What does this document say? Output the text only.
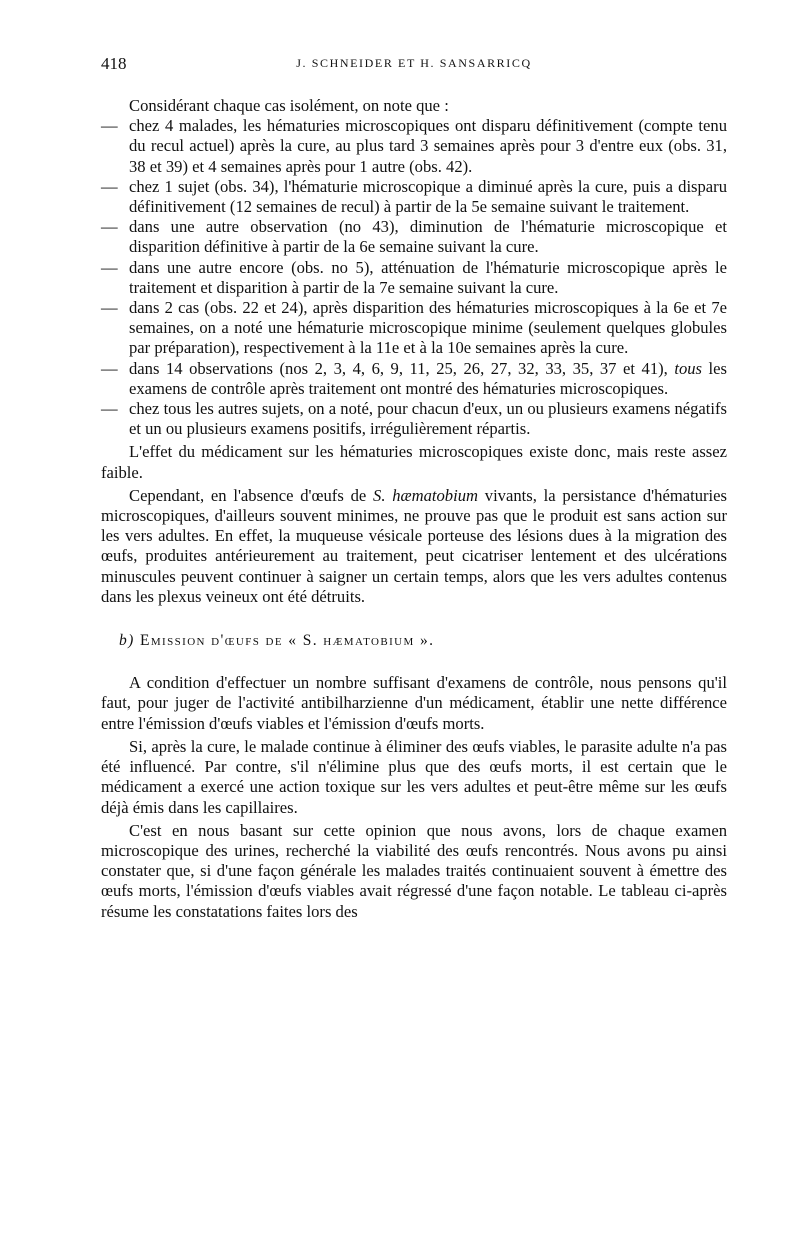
418	J. SCHNEIDER ET H. SANSARRICQ

Considérant chaque cas isolément, on note que :

— chez 4 malades, les hématuries microscopiques ont disparu définitivement (compte tenu du recul actuel) après la cure, au plus tard 3 semaines après pour 3 d'entre eux (obs. 31, 38 et 39) et 4 semaines après pour 1 autre (obs. 42).
— chez 1 sujet (obs. 34), l'hématurie microscopique a diminué après la cure, puis a disparu définitivement (12 semaines de recul) à partir de la 5e semaine suivant le traitement.
— dans une autre observation (no 43), diminution de l'hématurie microscopique et disparition définitive à partir de la 6e semaine suivant la cure.
— dans une autre encore (obs. no 5), atténuation de l'hématurie microscopique après le traitement et disparition à partir de la 7e semaine suivant la cure.
— dans 2 cas (obs. 22 et 24), après disparition des hématuries microscopiques à la 6e et 7e semaines, on a noté une hématurie microscopique minime (seulement quelques globules par préparation), respectivement à la 11e et à la 10e semaines après la cure.
— dans 14 observations (nos 2, 3, 4, 6, 9, 11, 25, 26, 27, 32, 33, 35, 37 et 41), tous les examens de contrôle après traitement ont montré des hématuries microscopiques.
— chez tous les autres sujets, on a noté, pour chacun d'eux, un ou plusieurs examens négatifs et un ou plusieurs examens positifs, irrégulièrement répartis.

L'effet du médicament sur les hématuries microscopiques existe donc, mais reste assez faible.

Cependant, en l'absence d'œufs de S. hæmatobium vivants, la persistance d'hématuries microscopiques, d'ailleurs souvent minimes, ne prouve pas que le produit est sans action sur les vers adultes. En effet, la muqueuse vésicale porteuse des lésions dues à la migration des œufs, produites antérieurement au traitement, peut cicatriser lentement et des ulcérations minuscules peuvent continuer à saigner un certain temps, alors que les vers adultes contenus dans les plexus veineux ont été détruits.

b) Emission d'œufs de « S. hæmatobium ».

A condition d'effectuer un nombre suffisant d'examens de contrôle, nous pensons qu'il faut, pour juger de l'activité antibilharzienne d'un médicament, établir une nette différence entre l'émission d'œufs viables et l'émission d'œufs morts.

Si, après la cure, le malade continue à éliminer des œufs viables, le parasite adulte n'a pas été influencé. Par contre, s'il n'élimine plus que des œufs morts, il est certain que le médicament a exercé une action toxique sur les vers adultes et peut-être même sur les œufs déjà émis dans les capillaires.

C'est en nous basant sur cette opinion que nous avons, lors de chaque examen microscopique des urines, recherché la viabilité des œufs rencontrés. Nous avons pu ainsi constater que, si d'une façon générale les malades traités continuaient souvent à émettre des œufs morts, l'émission d'œufs viables avait régressé d'une façon notable. Le tableau ci-après résume les constatations faites lors des
